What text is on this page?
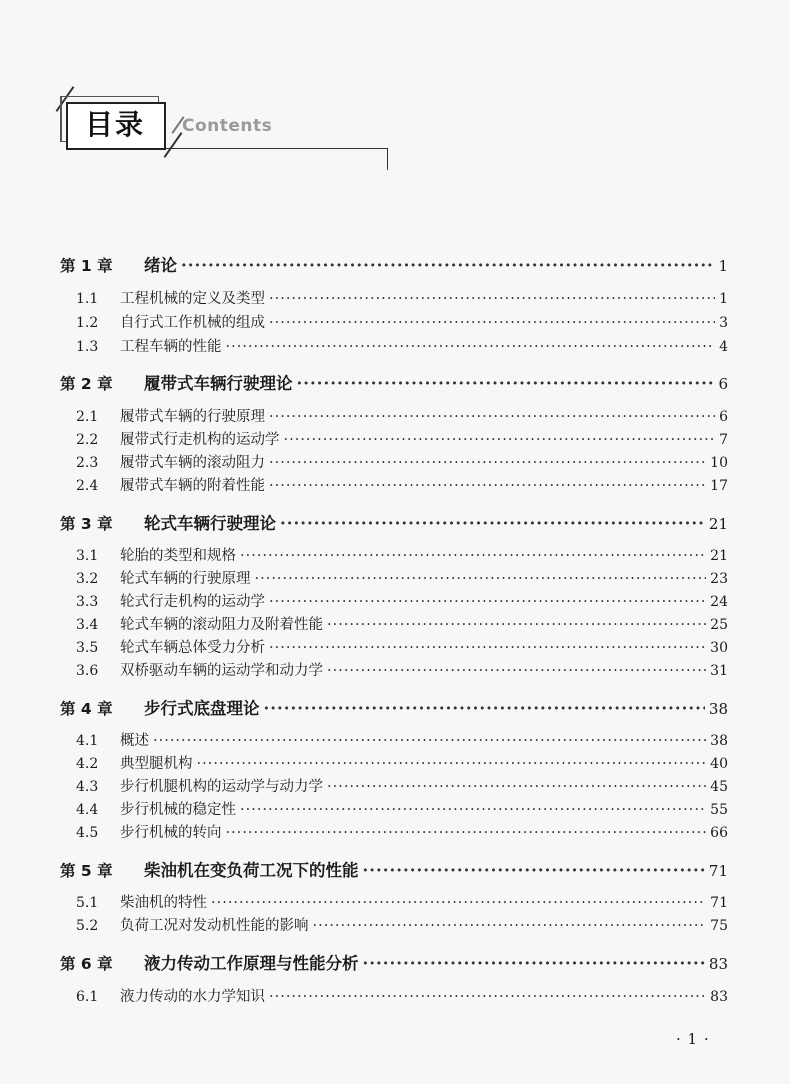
目录	Contents
第 1 章	绪论 ·····	1
1.1	工程机械的定义及类型 ·····	1
1.2	自行式工作机械的组成 ·····	3
1.3	工程车辆的性能 ·····	4
第 2 章	履带式车辆行驶理论 ·····	6
2.1	履带式车辆的行驶原理 ·····	6
2.2	履带式行走机构的运动学 ·····	7
2.3	履带式车辆的滚动阻力 ·····	10
2.4	履带式车辆的附着性能 ·····	17
第 3 章	轮式车辆行驶理论 ·····	21
3.1	轮胎的类型和规格 ·····	21
3.2	轮式车辆的行驶原理 ·····	23
3.3	轮式行走机构的运动学 ·····	24
3.4	轮式车辆的滚动阻力及附着性能 ·····	25
3.5	轮式车辆总体受力分析 ·····	30
3.6	双桥驱动车辆的运动学和动力学 ·····	31
第 4 章	步行式底盘理论 ·····	38
4.1	概述 ·····	38
4.2	典型腿机构 ·····	40
4.3	步行机腿机构的运动学与动力学 ·····	45
4.4	步行机械的稳定性 ·····	55
4.5	步行机械的转向 ·····	66
第 5 章	柴油机在变负荷工况下的性能 ·····	71
5.1	柴油机的特性 ·····	71
5.2	负荷工况对发动机性能的影响 ·····	75
第 6 章	液力传动工作原理与性能分析 ·····	83
6.1	液力传动的水力学知识 ·····	83
· 1 ·
